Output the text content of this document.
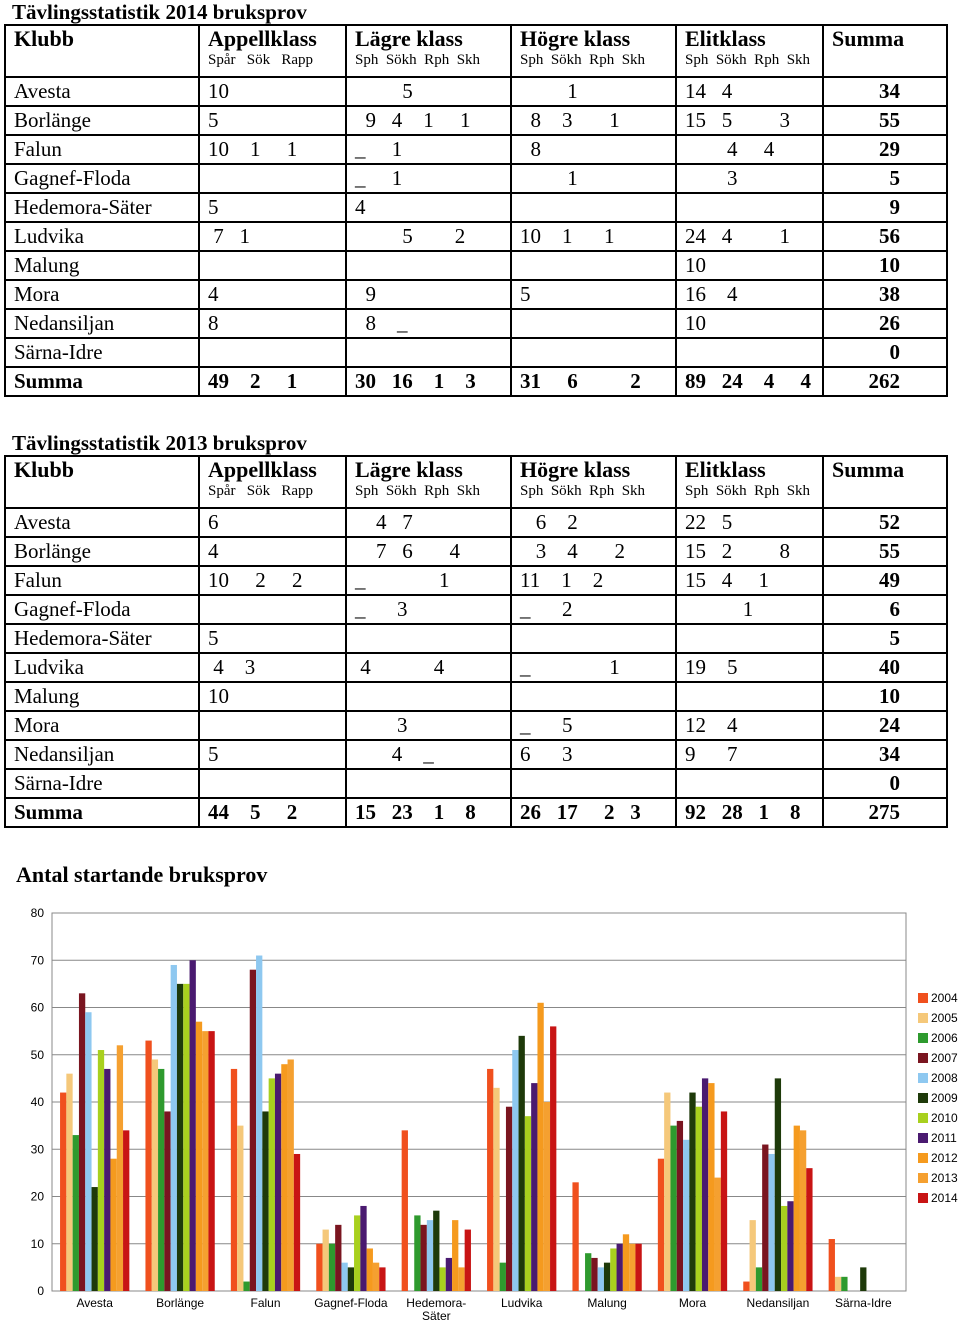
Tävlingsstatistik 2014 bruksprov
Klubb	Appellklass	Lägre klass	Högre klass	Elitklass	Summa
	Spår   Sök   Rapp	Sph  Sökh  Rph  Skh	Sph  Sökh  Rph  Skh	Sph  Sökh  Rph  Skh	
Avesta	10	5	1	14   4	34
Borlänge	5	9   4    1     1	8    3       1	15   5         3	55
Falun	10    1     1	_     1	8	4     4	29
Gagnef-Floda		_     1	1	3	5
Hedemora-Säter	5	4			9
Ludvika	7   1	5        2	10    1      1	24   4         1	56
Malung				10	10
Mora	4	9	5	16    4	38
Nedansiljan	8	8    _		10	26
Särna-Idre					0
Summa	49    2     1	30   16    1    3	31     6          2	89   24    4     4	262
Tävlingsstatistik 2013 bruksprov
Klubb	Appellklass	Lägre klass	Högre klass	Elitklass	Summa
	Spår   Sök   Rapp	Sph  Sökh  Rph  Skh	Sph  Sökh  Rph  Skh	Sph  Sökh  Rph  Skh	
Avesta	6	4   7	6    2	22   5	52
Borlänge	4	7   6       4	3    4       2	15   2         8	55
Falun	10     2     2	_              1	11    1    2	15   4     1	49
Gagnef-Floda		_      3	_      2	1	6
Hedemora-Säter	5				5
Ludvika	4    3	4            4	_               1	19    5	40
Malung	10				10
Mora		3	_      5	12    4	24
Nedansiljan	5	4    _	6      3	9      7	34
Särna-Idre					0
Summa	44    5     2	15   23    1    8	26   17     2   3	92   28   1    8	275
Antal startande bruksprov
0
10
20
30
40
50
60
70
80
Avesta	Borlänge	Falun	Gagnef-Floda Hedemora-
Säter
Ludvika	Malung	Mora	Nedansiljan Särna-Idre
2004
2005
2006
2007
2008
2009
2010
2011
2012
2013
2014
